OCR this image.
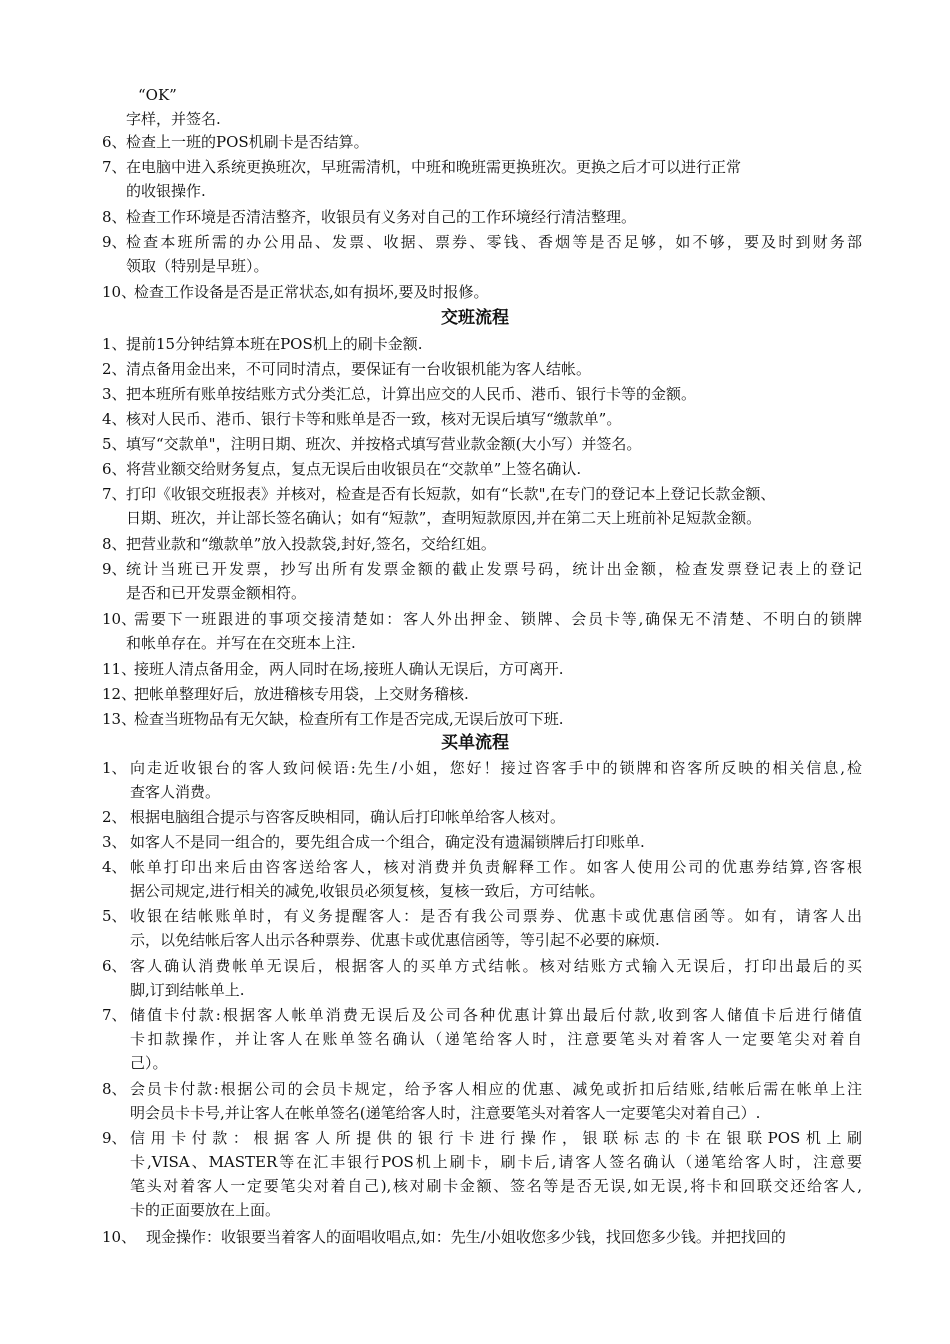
“OK”
字样，并签名.
6、 检查上一班的POS机刷卡是否结算。
7、 在电脑中进入系统更换班次，早班需清机，中班和晚班需更换班次。更换之后才可以进行正常
的收银操作.
8、 检查工作环境是否清洁整齐，收银员有义务对自己的工作环境经行清洁整理。
9、 检查本班所需的办公用品、发票、收据、票券、零钱、香烟等是否足够，如不够，要及时到财务部
领取（特别是早班）。
10、
检查工作设备是否是正常状态,如有损坏,要及时报修。
交班流程
1、 提前15分钟结算本班在POS机上的刷卡金额.
2、 清点备用金出来，不可同时清点，要保证有一台收银机能为客人结帐。
3、 把本班所有账单按结账方式分类汇总，计算出应交的人民币、港币、银行卡等的金额。
4、 核对人民币、港币、银行卡等和账单是否一致，核对无误后填写“缴款单”。
5、 填写“交款单"，注明日期、班次、并按格式填写营业款金额(大小写）并签名。
6、 将营业额交给财务复点，复点无误后由收银员在“交款单”上签名确认.
7、 打印《收银交班报表》并核对，检查是否有长短款，如有“长款",在专门的登记本上登记长款金额、
日期、班次，并让部长签名确认；如有“短款”，查明短款原因,并在第二天上班前补足短款金额。
8、 把营业款和“缴款单”放入投款袋,封好,签名，交给红姐。
9、 统计当班已开发票，抄写出所有发票金额的截止发票号码，统计出金额，检查发票登记表上的登记
是否和已开发票金额相符。
10、
需要下一班跟进的事项交接清楚如：客人外出押金、锁牌、会员卡等,确保无不清楚、不明白的锁牌
和帐单存在。并写在在交班本上注.
11、
接班人清点备用金，两人同时在场,接班人确认无误后，方可离开.
12、
把帐单整理好后，放进稽核专用袋，上交财务稽核.
13、
检查当班物品有无欠缺，检查所有工作是否完成,无误后放可下班.
买单流程
1、 向走近收银台的客人致问候语:先生/小姐，您好！接过咨客手中的锁牌和咨客所反映的相关信息,检
查客人消费。
2、 根据电脑组合提示与咨客反映相同，确认后打印帐单给客人核对。
3、 如客人不是同一组合的，要先组合成一个组合，确定没有遗漏锁牌后打印账单.
4、 帐单打印出来后由咨客送给客人，核对消费并负责解释工作。如客人使用公司的优惠券结算,咨客根
据公司规定,进行相关的减免,收银员必须复核，复核一致后，方可结帐。
5、 收银在结帐账单时，有义务提醒客人：是否有我公司票券、优惠卡或优惠信函等。如有，请客人出
示，以免结帐后客人出示各种票券、优惠卡或优惠信函等，等引起不必要的麻烦.
6、 客人确认消费帐单无误后，根据客人的买单方式结帐。核对结账方式输入无误后，打印出最后的买
脚,订到结帐单上.
7、 储值卡付款:根据客人帐单消费无误后及公司各种优惠计算出最后付款,收到客人储值卡后进行储值
卡扣款操作，并让客人在账单签名确认（递笔给客人时，注意要笔头对着客人一定要笔尖对着自
己）。
8、 会员卡付款:根据公司的会员卡规定，给予客人相应的优惠、减免或折扣后结账,结帐后需在帐单上注
明会员卡卡号,并让客人在帐单签名(递笔给客人时，注意要笔头对着客人一定要笔尖对着自己）.
9、 信用卡付款：根据客人所提供的银行卡进行操作，银联标志的卡在银联POS机上刷
卡,VISA、MASTER等在汇丰银行POS机上刷卡，刷卡后,请客人签名确认（递笔给客人时，注意要
笔头对着客人一定要笔尖对着自己),核对刷卡金额、签名等是否无误,如无误,将卡和回联交还给客人,
卡的正面要放在上面。
10、 现金操作：收银要当着客人的面唱收唱点,如：先生/小姐收您多少钱，找回您多少钱。并把找回的
